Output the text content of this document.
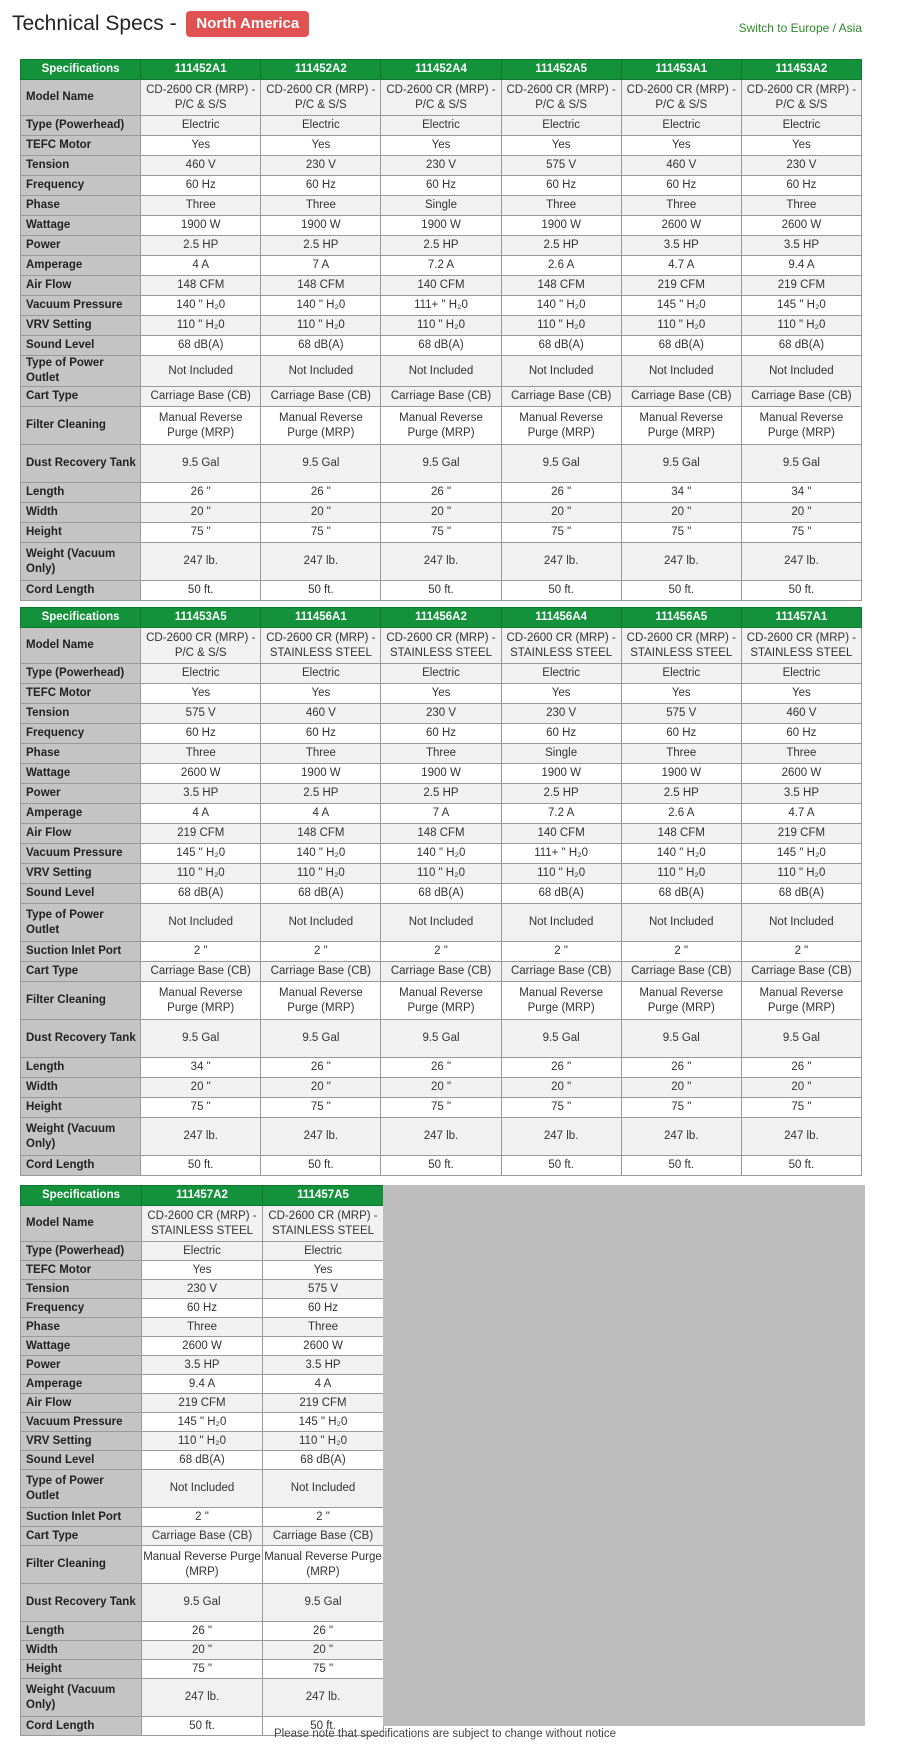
Technical Specs - North America	Switch to Europe / Asia
Specifications	111452A1	111452A2	111452A4	111452A5	111453A1	111453A2
Model Name	CD-2600 CR (MRP) - P/C & S/S	CD-2600 CR (MRP) - P/C & S/S	CD-2600 CR (MRP) - P/C & S/S	CD-2600 CR (MRP) - P/C & S/S	CD-2600 CR (MRP) - P/C & S/S	CD-2600 CR (MRP) - P/C & S/S
Type (Powerhead)	Electric	Electric	Electric	Electric	Electric	Electric
TEFC Motor	Yes	Yes	Yes	Yes	Yes	Yes
Tension	460 V	230 V	230 V	575 V	460 V	230 V
Frequency	60 Hz	60 Hz	60 Hz	60 Hz	60 Hz	60 Hz
Phase	Three	Three	Single	Three	Three	Three
Wattage	1900 W	1900 W	1900 W	1900 W	2600 W	2600 W
Power	2.5 HP	2.5 HP	2.5 HP	2.5 HP	3.5 HP	3.5 HP
Amperage	4 A	7 A	7.2 A	2.6 A	4.7 A	9.4 A
Air Flow	148 CFM	148 CFM	140 CFM	148 CFM	219 CFM	219 CFM
Vacuum Pressure	140 " H₂0	140 " H₂0	111+ " H₂0	140 " H₂0	145 " H₂0	145 " H₂0
VRV Setting	110 " H₂0	110 " H₂0	110 " H₂0	110 " H₂0	110 " H₂0	110 " H₂0
Sound Level	68 dB(A)	68 dB(A)	68 dB(A)	68 dB(A)	68 dB(A)	68 dB(A)
Type of Power Outlet	Not Included	Not Included	Not Included	Not Included	Not Included	Not Included
Cart Type	Carriage Base (CB)	Carriage Base (CB)	Carriage Base (CB)	Carriage Base (CB)	Carriage Base (CB)	Carriage Base (CB)
Filter Cleaning	Manual Reverse Purge (MRP)	Manual Reverse Purge (MRP)	Manual Reverse Purge (MRP)	Manual Reverse Purge (MRP)	Manual Reverse Purge (MRP)	Manual Reverse Purge (MRP)
Dust Recovery Tank	9.5 Gal	9.5 Gal	9.5 Gal	9.5 Gal	9.5 Gal	9.5 Gal
Length	26 "	26 "	26 "	26 "	34 "	34 "
Width	20 "	20 "	20 "	20 "	20 "	20 "
Height	75 "	75 "	75 "	75 "	75 "	75 "
Weight (Vacuum Only)	247 lb.	247 lb.	247 lb.	247 lb.	247 lb.	247 lb.
Cord Length	50 ft.	50 ft.	50 ft.	50 ft.	50 ft.	50 ft.
Specifications	111453A5	111456A1	111456A2	111456A4	111456A5	111457A1
Model Name	CD-2600 CR (MRP) - P/C & S/S	CD-2600 CR (MRP) - STAINLESS STEEL	CD-2600 CR (MRP) - STAINLESS STEEL	CD-2600 CR (MRP) - STAINLESS STEEL	CD-2600 CR (MRP) - STAINLESS STEEL	CD-2600 CR (MRP) - STAINLESS STEEL
Type (Powerhead)	Electric	Electric	Electric	Electric	Electric	Electric
TEFC Motor	Yes	Yes	Yes	Yes	Yes	Yes
Tension	575 V	460 V	230 V	230 V	575 V	460 V
Frequency	60 Hz	60 Hz	60 Hz	60 Hz	60 Hz	60 Hz
Phase	Three	Three	Three	Single	Three	Three
Wattage	2600 W	1900 W	1900 W	1900 W	1900 W	2600 W
Power	3.5 HP	2.5 HP	2.5 HP	2.5 HP	2.5 HP	3.5 HP
Amperage	4 A	4 A	7 A	7.2 A	2.6 A	4.7 A
Air Flow	219 CFM	148 CFM	148 CFM	140 CFM	148 CFM	219 CFM
Vacuum Pressure	145 " H₂0	140 " H₂0	140 " H₂0	111+ " H₂0	140 " H₂0	145 " H₂0
VRV Setting	110 " H₂0	110 " H₂0	110 " H₂0	110 " H₂0	110 " H₂0	110 " H₂0
Sound Level	68 dB(A)	68 dB(A)	68 dB(A)	68 dB(A)	68 dB(A)	68 dB(A)
Type of Power Outlet	Not Included	Not Included	Not Included	Not Included	Not Included	Not Included
Suction Inlet Port	2 "	2 "	2 "	2 "	2 "	2 "
Cart Type	Carriage Base (CB)	Carriage Base (CB)	Carriage Base (CB)	Carriage Base (CB)	Carriage Base (CB)	Carriage Base (CB)
Filter Cleaning	Manual Reverse Purge (MRP)	Manual Reverse Purge (MRP)	Manual Reverse Purge (MRP)	Manual Reverse Purge (MRP)	Manual Reverse Purge (MRP)	Manual Reverse Purge (MRP)
Dust Recovery Tank	9.5 Gal	9.5 Gal	9.5 Gal	9.5 Gal	9.5 Gal	9.5 Gal
Length	34 "	26 "	26 "	26 "	26 "	26 "
Width	20 "	20 "	20 "	20 "	20 "	20 "
Height	75 "	75 "	75 "	75 "	75 "	75 "
Weight (Vacuum Only)	247 lb.	247 lb.	247 lb.	247 lb.	247 lb.	247 lb.
Cord Length	50 ft.	50 ft.	50 ft.	50 ft.	50 ft.	50 ft.
Specifications	111457A2	111457A5
Model Name	CD-2600 CR (MRP) - STAINLESS STEEL	CD-2600 CR (MRP) - STAINLESS STEEL
Type (Powerhead)	Electric	Electric
TEFC Motor	Yes	Yes
Tension	230 V	575 V
Frequency	60 Hz	60 Hz
Phase	Three	Three
Wattage	2600 W	2600 W
Power	3.5 HP	3.5 HP
Amperage	9.4 A	4 A
Air Flow	219 CFM	219 CFM
Vacuum Pressure	145 " H₂0	145 " H₂0
VRV Setting	110 " H₂0	110 " H₂0
Sound Level	68 dB(A)	68 dB(A)
Type of Power Outlet	Not Included	Not Included
Suction Inlet Port	2 "	2 "
Cart Type	Carriage Base (CB)	Carriage Base (CB)
Filter Cleaning	Manual Reverse Purge (MRP)	Manual Reverse Purge (MRP)
Dust Recovery Tank	9.5 Gal	9.5 Gal
Length	26 "	26 "
Width	20 "	20 "
Height	75 "	75 "
Weight (Vacuum Only)	247 lb.	247 lb.
Cord Length	50 ft.	50 ft.
Please note that specifications are subject to change without notice
